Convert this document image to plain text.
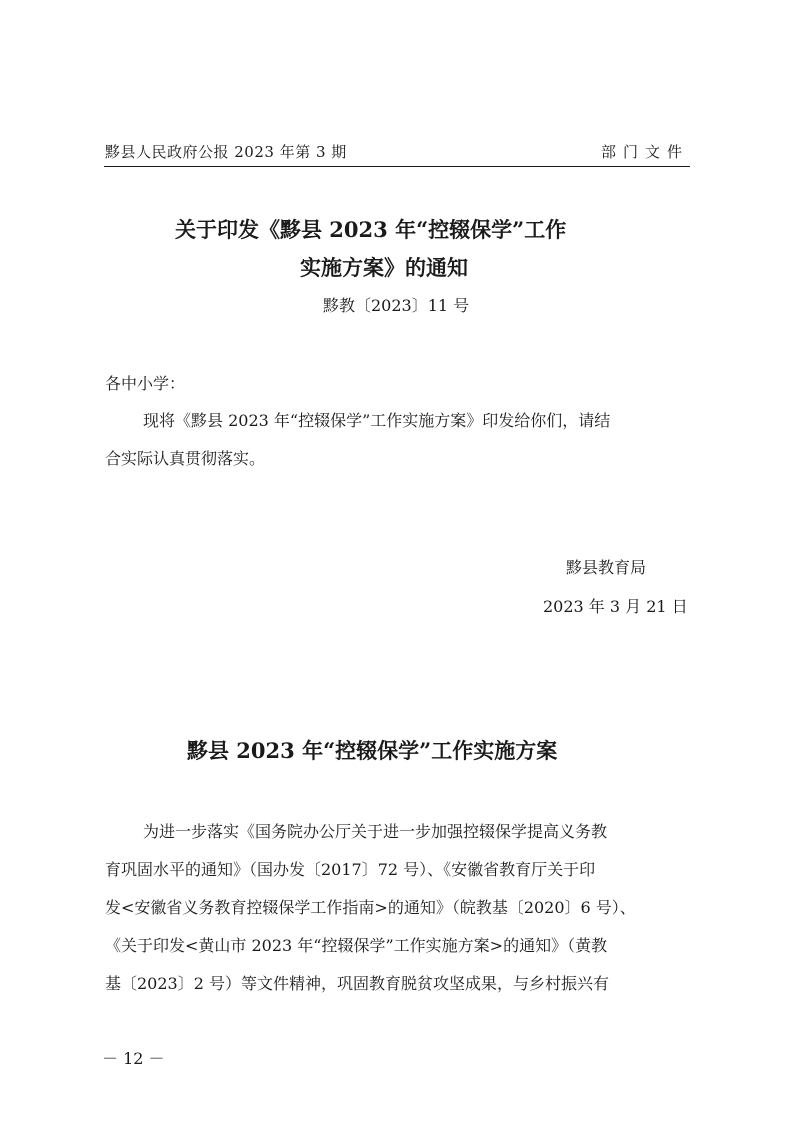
黟县人民政府公报 2023 年第 3 期	部门文件
关于印发《黟县 2023 年“控辍保学”工作
实施方案》的通知
黟教〔2023〕11 号
各中小学：
现将《黟县 2023 年“控辍保学”工作实施方案》印发给你们，请结
合实际认真贯彻落实。
黟县教育局
2023 年 3 月 21 日
黟县 2023 年“控辍保学”工作实施方案
为进一步落实《国务院办公厅关于进一步加强控辍保学提高义务教
育巩固水平的通知》（国办发〔2017〕72 号）、《安徽省教育厅关于印
发<安徽省义务教育控辍保学工作指南>的通知》（皖教基〔2020〕6 号）、
《关于印发<黄山市 2023 年“控辍保学”工作实施方案>的通知》（黄教
基〔2023〕2 号）等文件精神，巩固教育脱贫攻坚成果，与乡村振兴有
－ 12 －
